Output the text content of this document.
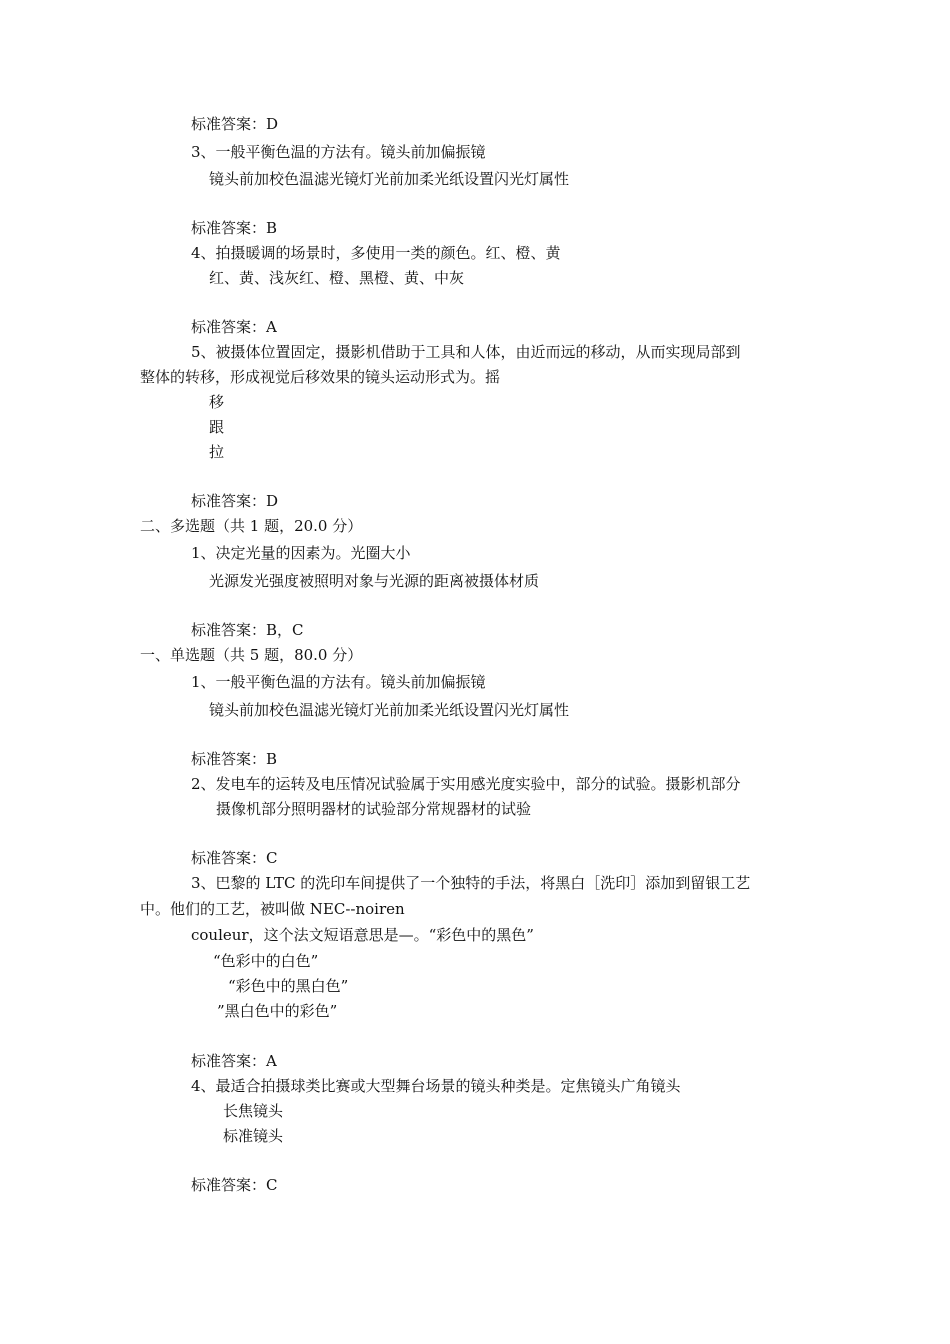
标准答案：D
3、一般平衡色温的方法有。镜头前加偏振镜
镜头前加校色温滤光镜灯光前加柔光纸设置闪光灯属性
标准答案：B
4、拍摄暖调的场景时，多使用一类的颜色。红、橙、黄
红、黄、浅灰红、橙、黑橙、黄、中灰
标准答案：A
5、被摄体位置固定，摄影机借助于工具和人体，由近而远的移动，从而实现局部到
整体的转移，形成视觉后移效果的镜头运动形式为。摇
移
跟
拉
标准答案：D
二、多选题（共 1 题，20.0 分）
1、决定光量的因素为。光圈大小
光源发光强度被照明对象与光源的距离被摄体材质
标准答案：B，C
一、单选题（共 5 题，80.0 分）
1、一般平衡色温的方法有。镜头前加偏振镜
镜头前加校色温滤光镜灯光前加柔光纸设置闪光灯属性
标准答案：B
2、发电车的运转及电压情况试验属于实用感光度实验中，部分的试验。摄影机部分
摄像机部分照明器材的试验部分常规器材的试验
标准答案：C
3、巴黎的 LTC 的洗印车间提供了一个独特的手法，将黑白［洗印］添加到留银工艺
中。他们的工艺，被叫做 NEC--noiren
couleur，这个法文短语意思是—。“彩色中的黑色”
“色彩中的白色”
“彩色中的黑白色”
”黑白色中的彩色”
标准答案：A
4、最适合拍摄球类比赛或大型舞台场景的镜头种类是。定焦镜头广角镜头
长焦镜头
标准镜头
标准答案：C
